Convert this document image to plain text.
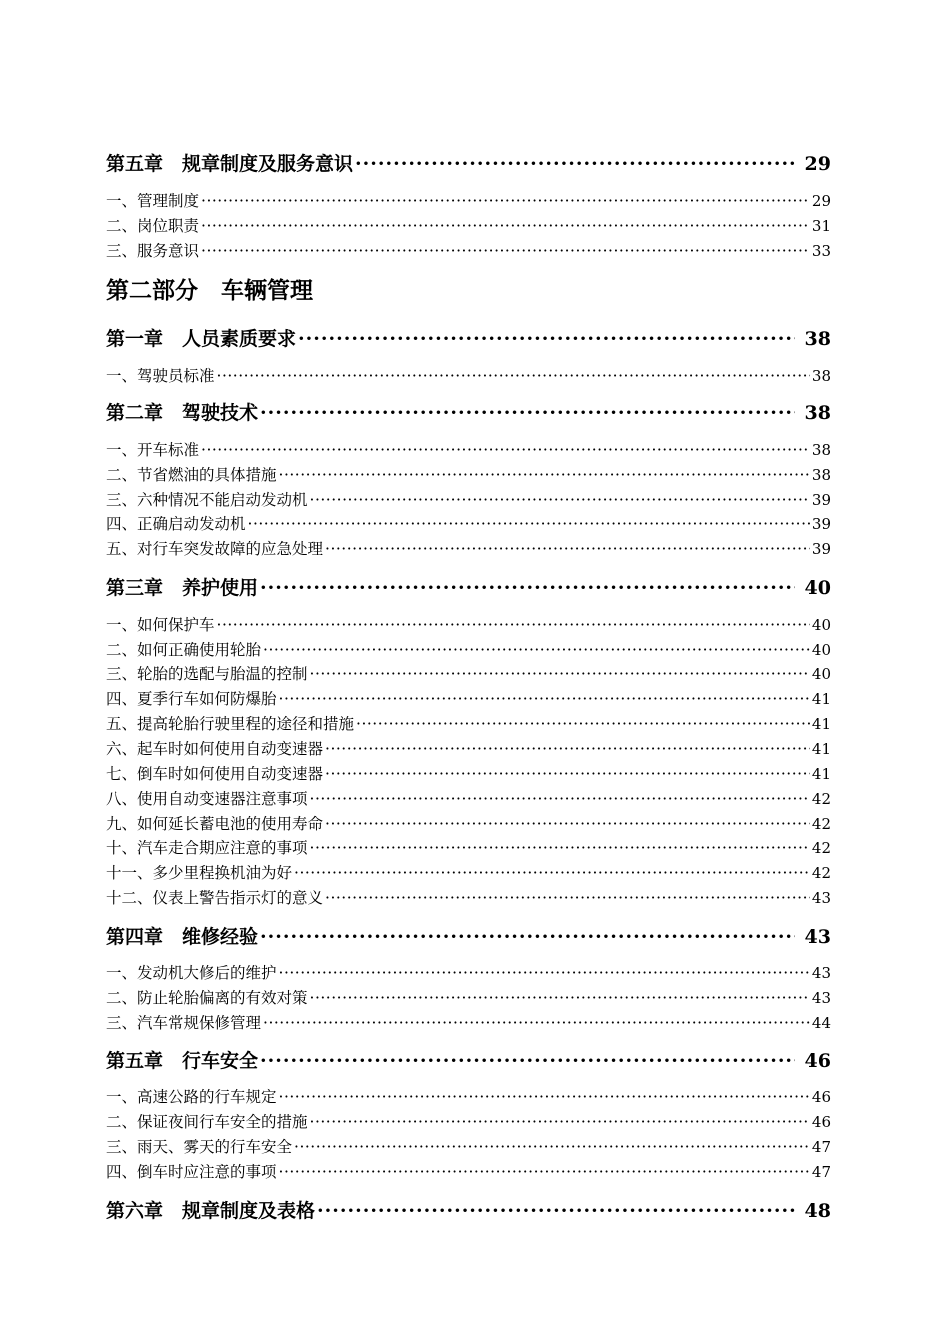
第五章　规章制度及服务意识 ·····	29
一、管理制度 ·····	29
二、岗位职责 ·····	31
三、服务意识 ·····	33
第二部分　车辆管理
第一章　人员素质要求 ·····	38
一、驾驶员标准 ·····	38
第二章　驾驶技术 ·····	38
一、开车标准 ·····	38
二、节省燃油的具体措施 ·····	38
三、六种情况不能启动发动机 ·····	39
四、正确启动发动机 ·····	39
五、对行车突发故障的应急处理 ·····	39
第三章　养护使用 ·····	40
一、如何保护车 ·····	40
二、如何正确使用轮胎 ·····	40
三、轮胎的选配与胎温的控制 ·····	40
四、夏季行车如何防爆胎 ·····	41
五、提高轮胎行驶里程的途径和措施 ·····	41
六、起车时如何使用自动变速器 ·····	41
七、倒车时如何使用自动变速器 ·····	41
八、使用自动变速器注意事项 ·····	42
九、如何延长蓄电池的使用寿命 ·····	42
十、汽车走合期应注意的事项 ·····	42
十一、多少里程换机油为好 ·····	42
十二、仪表上警告指示灯的意义 ·····	43
第四章　维修经验 ·····	43
一、发动机大修后的维护 ·····	43
二、防止轮胎偏离的有效对策 ·····	43
三、汽车常规保修管理 ·····	44
第五章　行车安全 ·····	46
一、高速公路的行车规定 ·····	46
二、保证夜间行车安全的措施 ·····	46
三、雨天、雾天的行车安全 ·····	47
四、倒车时应注意的事项 ·····	47
第六章　规章制度及表格 ·····	48
